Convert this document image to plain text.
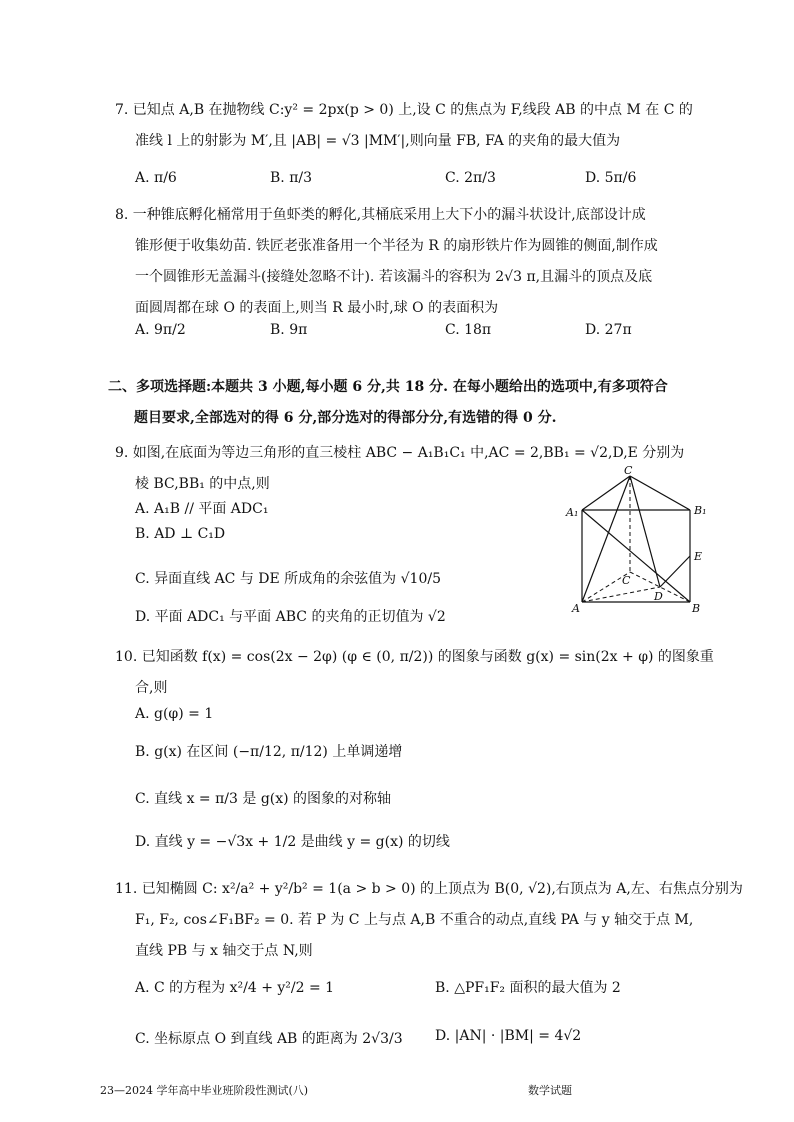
7. 已知点 A,B 在抛物线 C:y² = 2px(p > 0) 上,设 C 的焦点为 F,线段 AB 的中点 M 在 C 的
准线 l 上的射影为 M′,且 |AB| = √3 |MM′|,则向量 FB, FA 的夹角的最大值为
A. π/6	B. π/3	C. 2π/3	D. 5π/6
8. 一种锥底孵化桶常用于鱼虾类的孵化,其桶底采用上大下小的漏斗状设计,底部设计成
锥形便于收集幼苗. 铁匠老张准备用一个半径为 R 的扇形铁片作为圆锥的侧面,制作成
一个圆锥形无盖漏斗(接缝处忽略不计). 若该漏斗的容积为 2√3 π,且漏斗的顶点及底
面圆周都在球 O 的表面上,则当 R 最小时,球 O 的表面积为
A. 9π/2	B. 9π	C. 18π	D. 27π
二、多项选择题:本题共 3 小题,每小题 6 分,共 18 分. 在每小题给出的选项中,有多项符合
题目要求,全部选对的得 6 分,部分选对的得部分分,有选错的得 0 分.
9. 如图,在底面为等边三角形的直三棱柱 ABC − A₁B₁C₁ 中,AC = 2,BB₁ = √2,D,E 分别为
棱 BC,BB₁ 的中点,则
A. A₁B // 平面 ADC₁
B. AD ⊥ C₁D
C. 异面直线 AC 与 DE 所成角的余弦值为 √10/5
D. 平面 ADC₁ 与平面 ABC 的夹角的正切值为 √2
C
A₁	B₁
E
C
D
A	B
10. 已知函数 f(x) = cos(2x − 2φ) (φ ∈ (0, π/2)) 的图象与函数 g(x) = sin(2x + φ) 的图象重
合,则
A. g(φ) = 1
B. g(x) 在区间 (−π/12, π/12) 上单调递增
C. 直线 x = π/3 是 g(x) 的图象的对称轴
D. 直线 y = −√3x + 1/2 是曲线 y = g(x) 的切线
11. 已知椭圆 C: x²/a² + y²/b² = 1(a > b > 0) 的上顶点为 B(0, √2),右顶点为 A,左、右焦点分别为
F₁, F₂, cos∠F₁BF₂ = 0. 若 P 为 C 上与点 A,B 不重合的动点,直线 PA 与 y 轴交于点 M,
直线 PB 与 x 轴交于点 N,则
A. C 的方程为 x²/4 + y²/2 = 1	B. △PF₁F₂ 面积的最大值为 2
C. 坐标原点 O 到直线 AB 的距离为 2√3/3 D. |AN| · |BM| = 4√2
23—2024 学年高中毕业班阶段性测试(八)	数学试题
